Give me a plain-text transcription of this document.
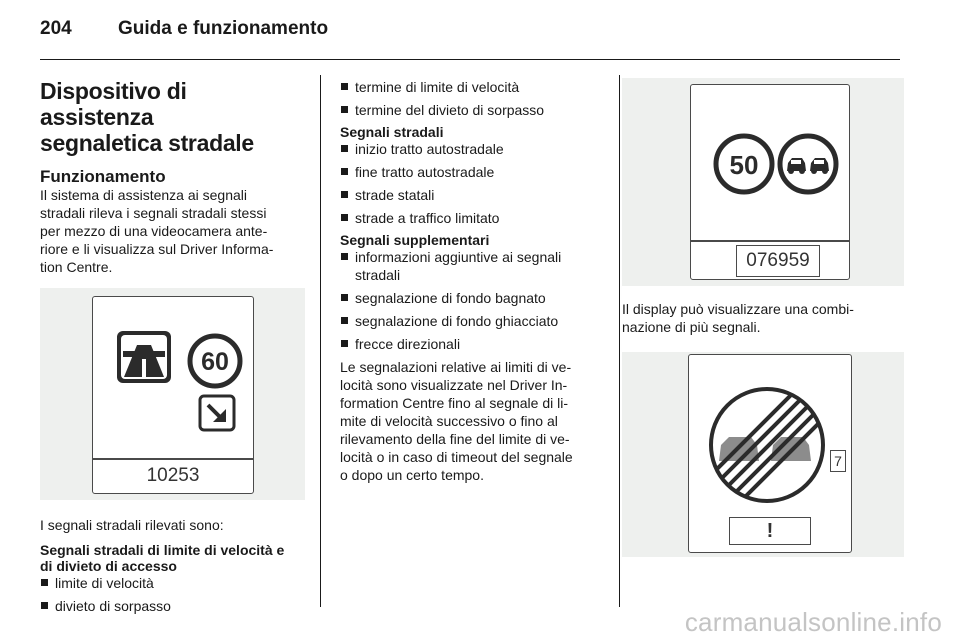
204 Guida e funzionamento
Dispositivo di assistenza
segnaletica stradale
Funzionamento

Il sistema di assistenza ai segnali
stradali rileva i segnali stradali stessi
per mezzo di una videocamera ante-
riore e li visualizza sul Driver Informa-
tion Centre.

60
10253

I segnali stradali rilevati sono:

Segnali stradali di limite di velocità e
di divieto di accesso
limite di velocità
divieto di sorpasso
termine di limite di velocità
termine del divieto di sorpasso
Segnali stradali
inizio tratto autostradale
fine tratto autostradale
strade statali
strade a traffico limitato
Segnali supplementari
informazioni aggiuntive ai segnali
stradali
segnalazione di fondo bagnato
segnalazione di fondo ghiacciato
frecce direzionali

Le segnalazioni relative ai limiti di ve-
locità sono visualizzate nel Driver In-
formation Centre fino al segnale di li-
mite di velocità successivo o fino al
rilevamento della fine del limite di ve-
locità o in caso di timeout del segnale
o dopo un certo tempo.

50
076959

Il display può visualizzare una combi-
nazione di più segnali.

7
!
carmanualsonline.info
